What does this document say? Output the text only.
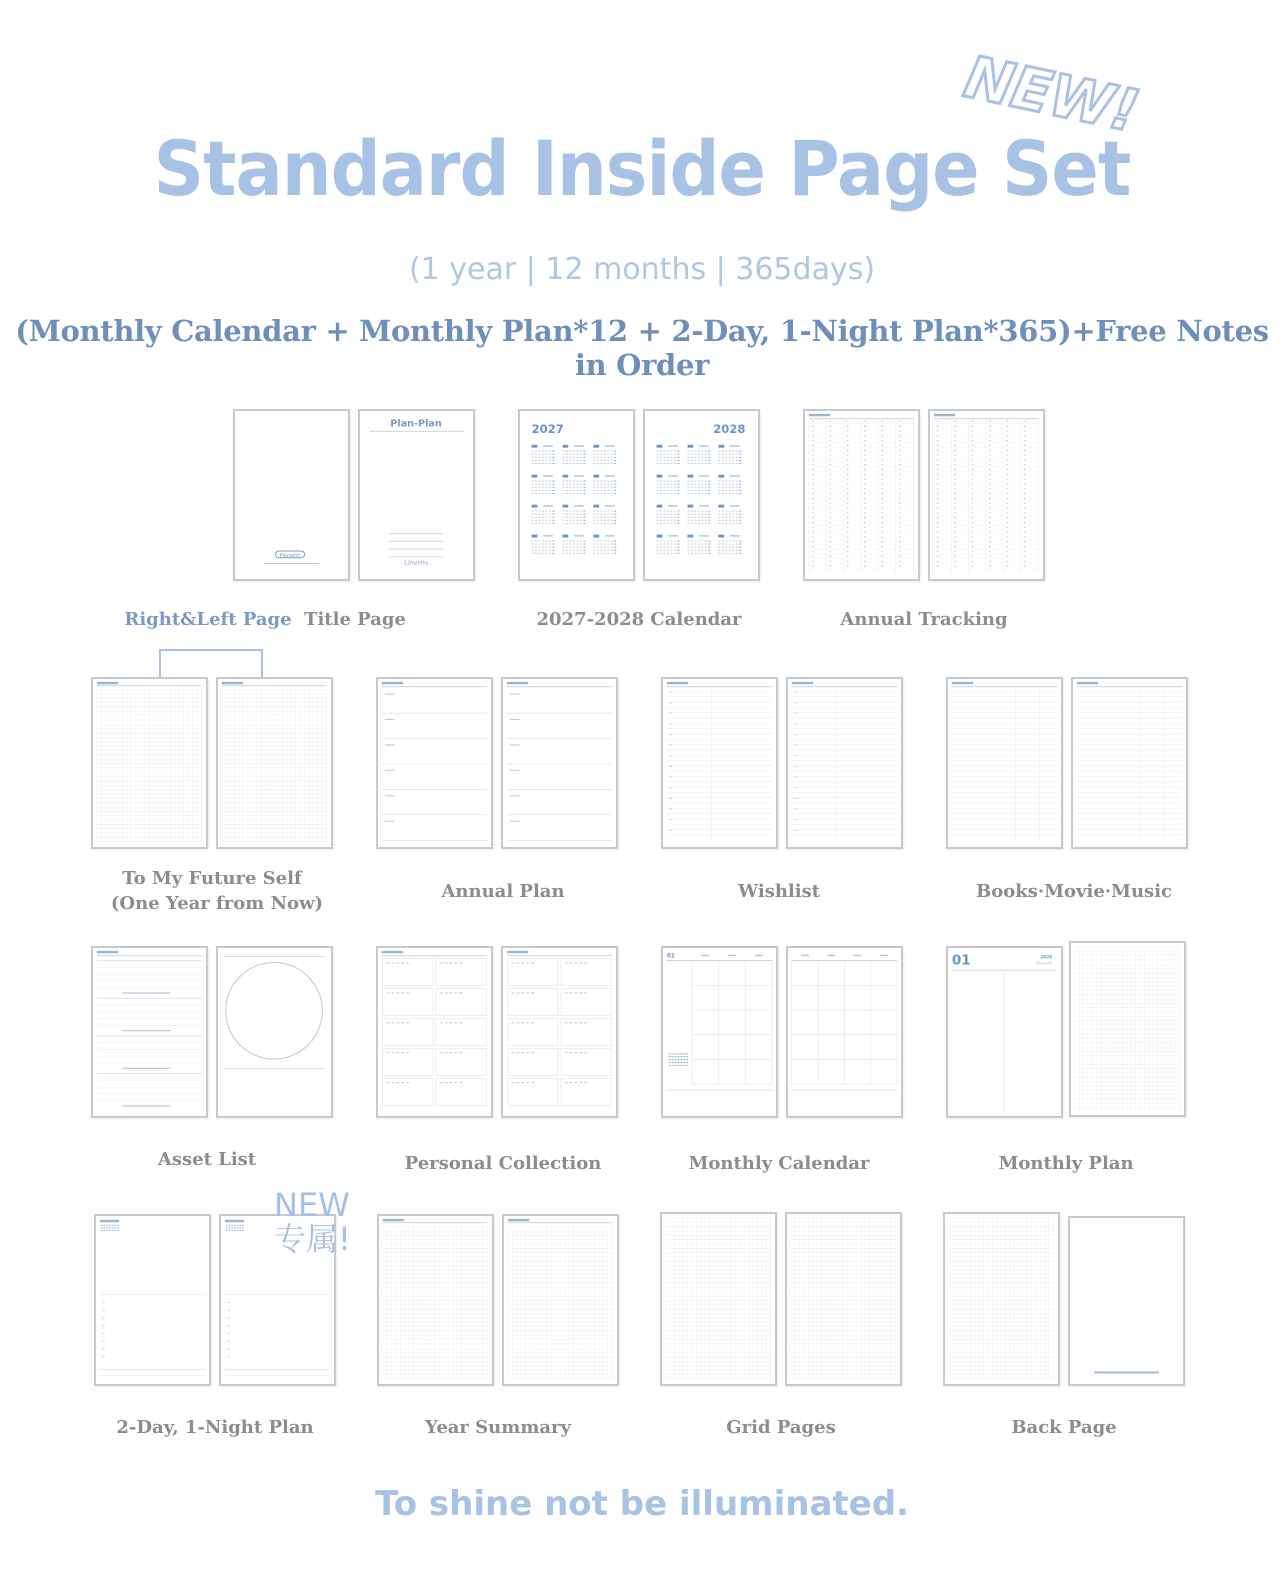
NEW!
Standard Inside Page Set
(1 year | 12 months | 365days)
(Monthly Calendar + Monthly Plan*12 + 2-Day, 1-Night Plan*365)+Free Notes in Order
Planwith
Plan-Plan
- 12months -
2027	2028
Right&Left Page Title Page	2027-2028 Calendar	Annual Tracking
To My Future Self
(One Year from Now)
Annual Plan	Wishlist	Books·Movie·Music
01	01	2026
January
Asset List	Personal Collection	Monthly Calendar	Monthly Plan
NEW
专属!
2-Day, 1-Night Plan	Year Summary	Grid Pages	Back Page
To shine not be illuminated.
